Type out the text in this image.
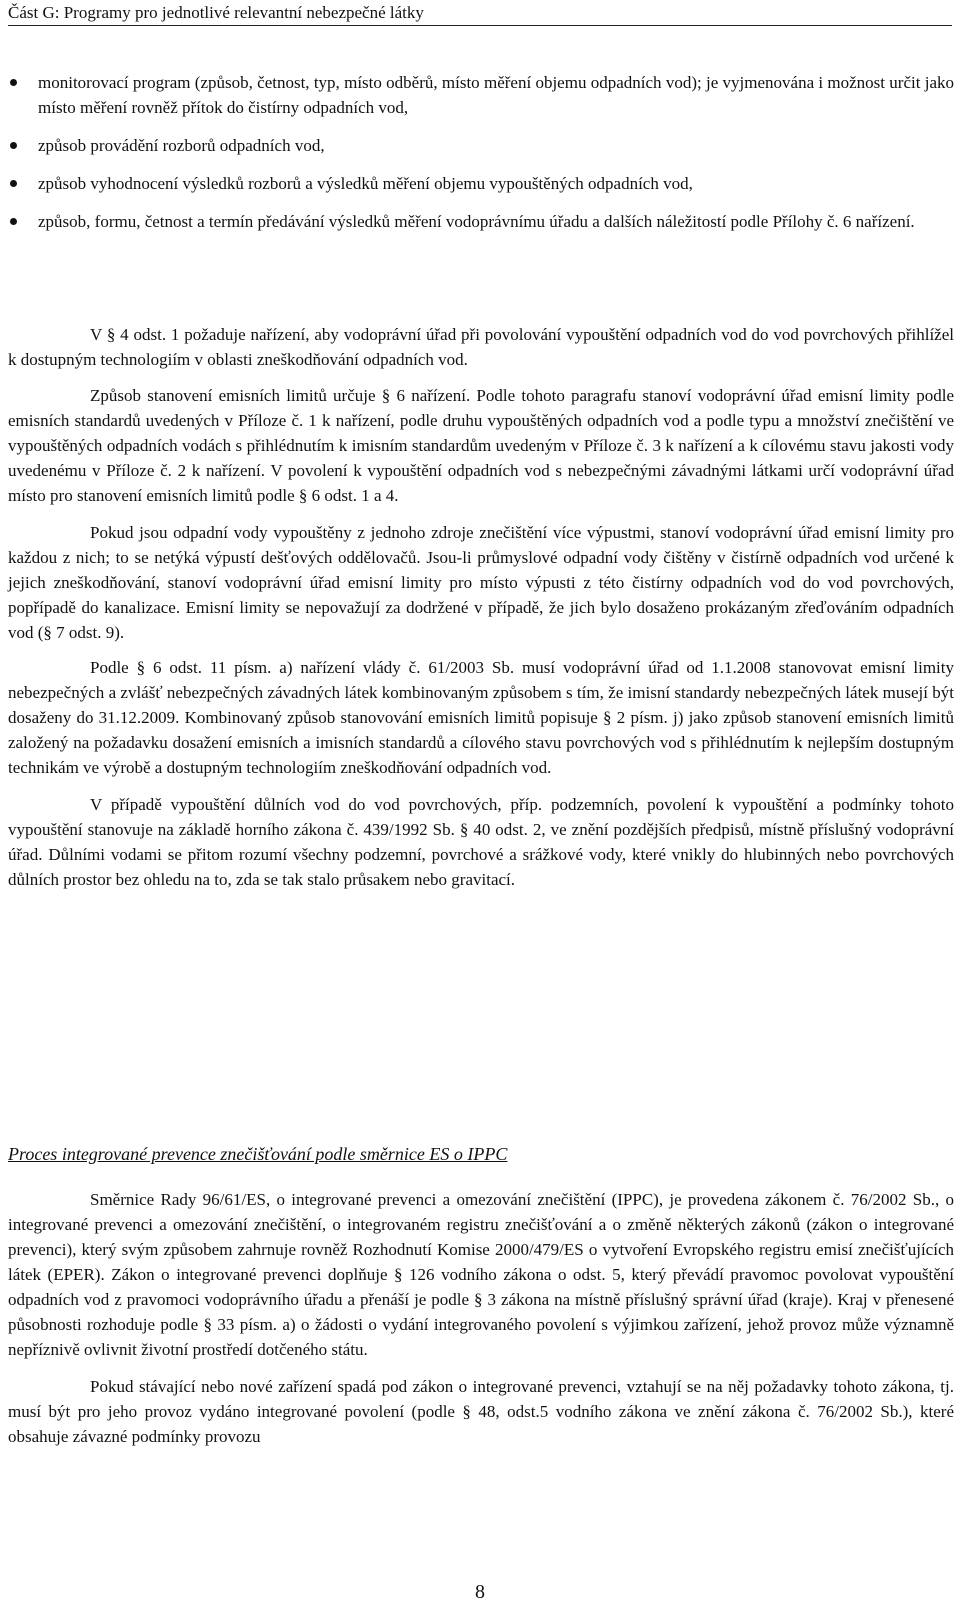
Část G: Programy pro jednotlivé relevantní nebezpečné látky
monitorovací program (způsob, četnost, typ, místo odběrů, místo měření objemu odpadních vod); je vyjmenována i možnost určit jako místo měření rovněž přítok do čistírny odpadních vod,
způsob provádění rozborů odpadních vod,
způsob vyhodnocení výsledků rozborů a výsledků měření objemu vypouštěných odpadních vod,
způsob, formu, četnost a termín předávání výsledků měření vodoprávnímu úřadu a dalších náležitostí podle Přílohy č. 6 nařízení.

V § 4 odst. 1 požaduje nařízení, aby vodoprávní úřad při povolování vypouštění odpadních vod do vod povrchových přihlížel k dostupným technologiím v oblasti zneškodňování odpadních vod.

Způsob stanovení emisních limitů určuje § 6 nařízení. Podle tohoto paragrafu stanoví vodoprávní úřad emisní limity podle emisních standardů uvedených v Příloze č. 1 k nařízení, podle druhu vypouštěných odpadních vod a podle typu a množství znečištění ve vypouštěných odpadních vodách s přihlédnutím k imisním standardům uvedeným v Příloze č. 3 k nařízení a k cílovému stavu jakosti vody uvedenému v Příloze č. 2 k nařízení. V povolení k vypouštění odpadních vod s nebezpečnými závadnými látkami určí vodoprávní úřad místo pro stanovení emisních limitů podle § 6 odst. 1 a 4.

Pokud jsou odpadní vody vypouštěny z jednoho zdroje znečištění více výpustmi, stanoví vodoprávní úřad emisní limity pro každou z nich; to se netýká výpustí dešťových oddělovačů. Jsou-li průmyslové odpadní vody čištěny v čistírně odpadních vod určené k jejich zneškodňování, stanoví vodoprávní úřad emisní limity pro místo výpusti z této čistírny odpadních vod do vod povrchových, popřípadě do kanalizace. Emisní limity se nepovažují za dodržené v případě, že jich bylo dosaženo prokázaným zřeďováním odpadních vod (§ 7 odst. 9).

Podle § 6 odst. 11 písm. a) nařízení vlády č. 61/2003 Sb. musí vodoprávní úřad od 1.1.2008 stanovovat emisní limity nebezpečných a zvlášť nebezpečných závadných látek kombinovaným způsobem s tím, že imisní standardy nebezpečných látek musejí být dosaženy do 31.12.2009. Kombinovaný způsob stanovování emisních limitů popisuje § 2 písm. j) jako způsob stanovení emisních limitů založený na požadavku dosažení emisních a imisních standardů a cílového stavu povrchových vod s přihlédnutím k nejlepším dostupným technikám ve výrobě a dostupným technologiím zneškodňování odpadních vod.

V případě vypouštění důlních vod do vod povrchových, příp. podzemních, povolení k vypouštění a podmínky tohoto vypouštění stanovuje na základě horního zákona č. 439/1992 Sb. § 40 odst. 2, ve znění pozdějších předpisů, místně příslušný vodoprávní úřad. Důlními vodami se přitom rozumí všechny podzemní, povrchové a srážkové vody, které vnikly do hlubinných nebo povrchových důlních prostor bez ohledu na to, zda se tak stalo průsakem nebo gravitací.

Proces integrované prevence znečišťování podle směrnice ES o IPPC

Směrnice Rady 96/61/ES, o integrované prevenci a omezování znečištění (IPPC), je provedena zákonem č. 76/2002 Sb., o integrované prevenci a omezování znečištění, o integrovaném registru znečišťování a o změně některých zákonů (zákon o integrované prevenci), který svým způsobem zahrnuje rovněž Rozhodnutí Komise 2000/479/ES o vytvoření Evropského registru emisí znečišťujících látek (EPER). Zákon o integrované prevenci doplňuje § 126 vodního zákona o odst. 5, který převádí pravomoc povolovat vypouštění odpadních vod z pravomoci vodoprávního úřadu a přenáší je podle § 3 zákona na místně příslušný správní úřad (kraje). Kraj v přenesené působnosti rozhoduje podle § 33 písm. a) o žádosti o vydání integrovaného povolení s výjimkou zařízení, jehož provoz může významně nepříznivě ovlivnit životní prostředí dotčeného státu.

Pokud stávající nebo nové zařízení spadá pod zákon o integrované prevenci, vztahují se na něj požadavky tohoto zákona, tj. musí být pro jeho provoz vydáno integrované povolení (podle § 48, odst.5 vodního zákona ve znění zákona č. 76/2002 Sb.), které obsahuje závazné podmínky provozu

8
